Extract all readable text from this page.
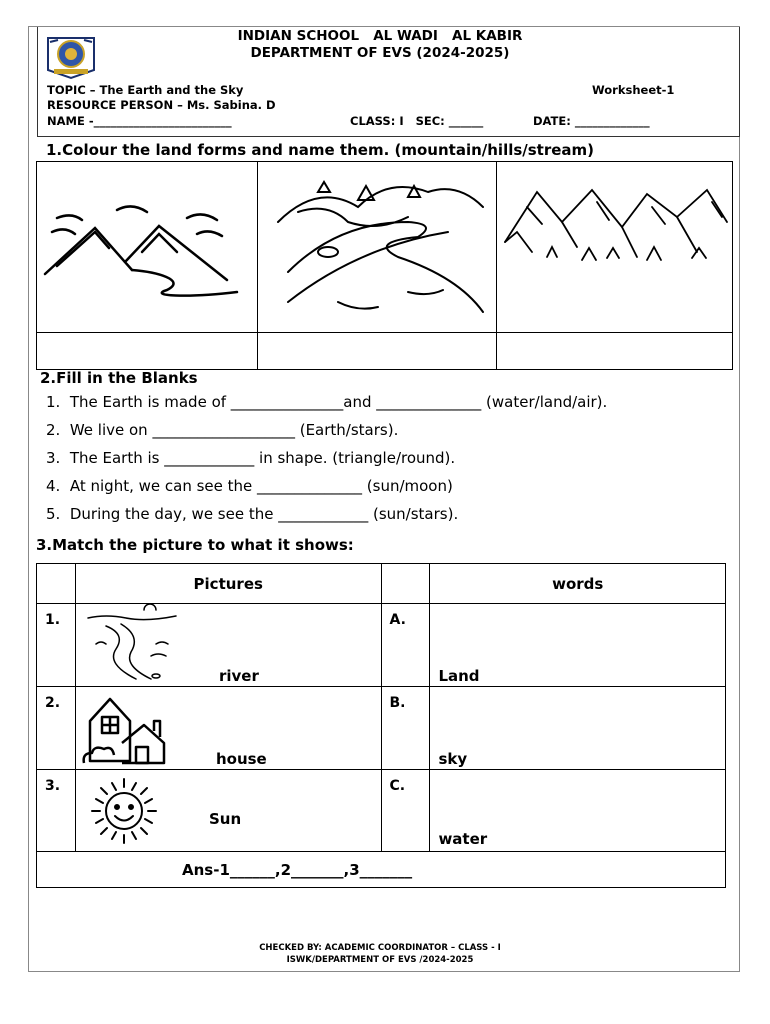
INDIAN SCHOOL   AL WADI   AL KABIR
DEPARTMENT OF EVS (2024-2025)
TOPIC – The Earth and the Sky	Worksheet-1
RESOURCE PERSON – Ms. Sabina. D
NAME -________________________	CLASS: I   SEC: ______	DATE: _____________
1.Colour the land forms and name them. (mountain/hills/stream)

2.Fill in the Blanks
1.  The Earth is made of _______________and ______________ (water/land/air).
2.  We live on ___________________ (Earth/stars).
3.  The Earth is ____________ in shape. (triangle/round).
4.  At night, we can see the ______________ (sun/moon)
5.  During the day, we see the ____________ (sun/stars).
3.Match the picture to what it shows:
	Pictures		words
1.	river	A.	Land

2.	house	B.	sky

3.	Sun	C.	water

Ans-1______,2_______,3_______			
CHECKED BY: ACADEMIC COORDINATOR – CLASS - I
ISWK/DEPARTMENT OF EVS /2024-2025
